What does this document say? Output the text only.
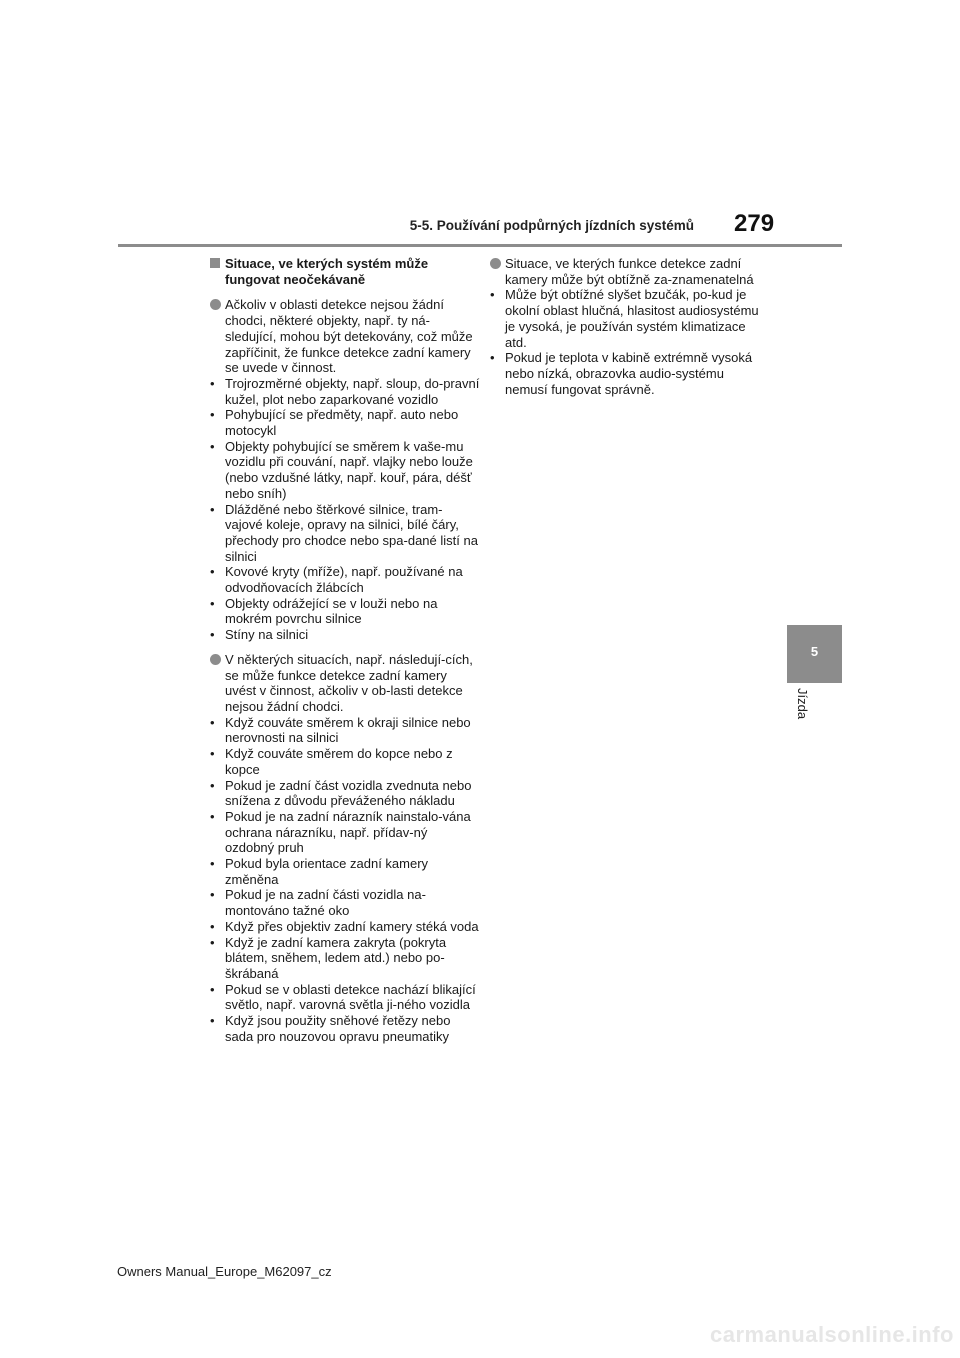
5-5. Používání podpůrných jízdních systémů 279
5
Jízda
Situace, ve kterých systém může fungovat neočekávaně
Ačkoliv v oblasti detekce nejsou žádní chodci, některé objekty, např. ty ná-sledující, mohou být detekovány, což může zapříčinit, že funkce detekce zadní kamery se uvede v činnost.
• Trojrozměrné objekty, např. sloup, do-pravní kužel, plot nebo zaparkované vozidlo
• Pohybující se předměty, např. auto nebo motocykl
• Objekty pohybující se směrem k vaše-mu vozidlu při couvání, např. vlajky nebo louže (nebo vzdušné látky, např. kouř, pára, déšť nebo sníh)
• Dlážděné nebo štěrkové silnice, tram-vajové koleje, opravy na silnici, bílé čáry, přechody pro chodce nebo spa-dané listí na silnici
• Kovové kryty (mříže), např. používané na odvodňovacích žlábcích
• Objekty odrážející se v louži nebo na mokrém povrchu silnice
• Stíny na silnici
V některých situacích, např. následují-cích, se může funkce detekce zadní kamery uvést v činnost, ačkoliv v ob-lasti detekce nejsou žádní chodci.
• Když couváte směrem k okraji silnice nebo nerovnosti na silnici
• Když couváte směrem do kopce nebo z kopce
• Pokud je zadní část vozidla zvednuta nebo snížena z důvodu převáženého nákladu
• Pokud je na zadní nárazník nainstalo-vána ochrana nárazníku, např. přídav-ný ozdobný pruh
• Pokud byla orientace zadní kamery změněna
• Pokud je na zadní části vozidla na-montováno tažné oko
• Když přes objektiv zadní kamery stéká voda
• Když je zadní kamera zakryta (pokryta blátem, sněhem, ledem atd.) nebo po-škrábaná
• Pokud se v oblasti detekce nachází blikající světlo, např. varovná světla ji-ného vozidla
• Když jsou použity sněhové řetězy nebo sada pro nouzovou opravu pneumatiky
Situace, ve kterých funkce detekce zadní kamery může být obtížně za-znamenatelná
• Může být obtížné slyšet bzučák, po-kud je okolní oblast hlučná, hlasitost audiosystému je vysoká, je používán systém klimatizace atd.
• Pokud je teplota v kabině extrémně vysoká nebo nízká, obrazovka audio-systému nemusí fungovat správně.
Owners Manual_Europe_M62097_cz
carmanualsonline.info
